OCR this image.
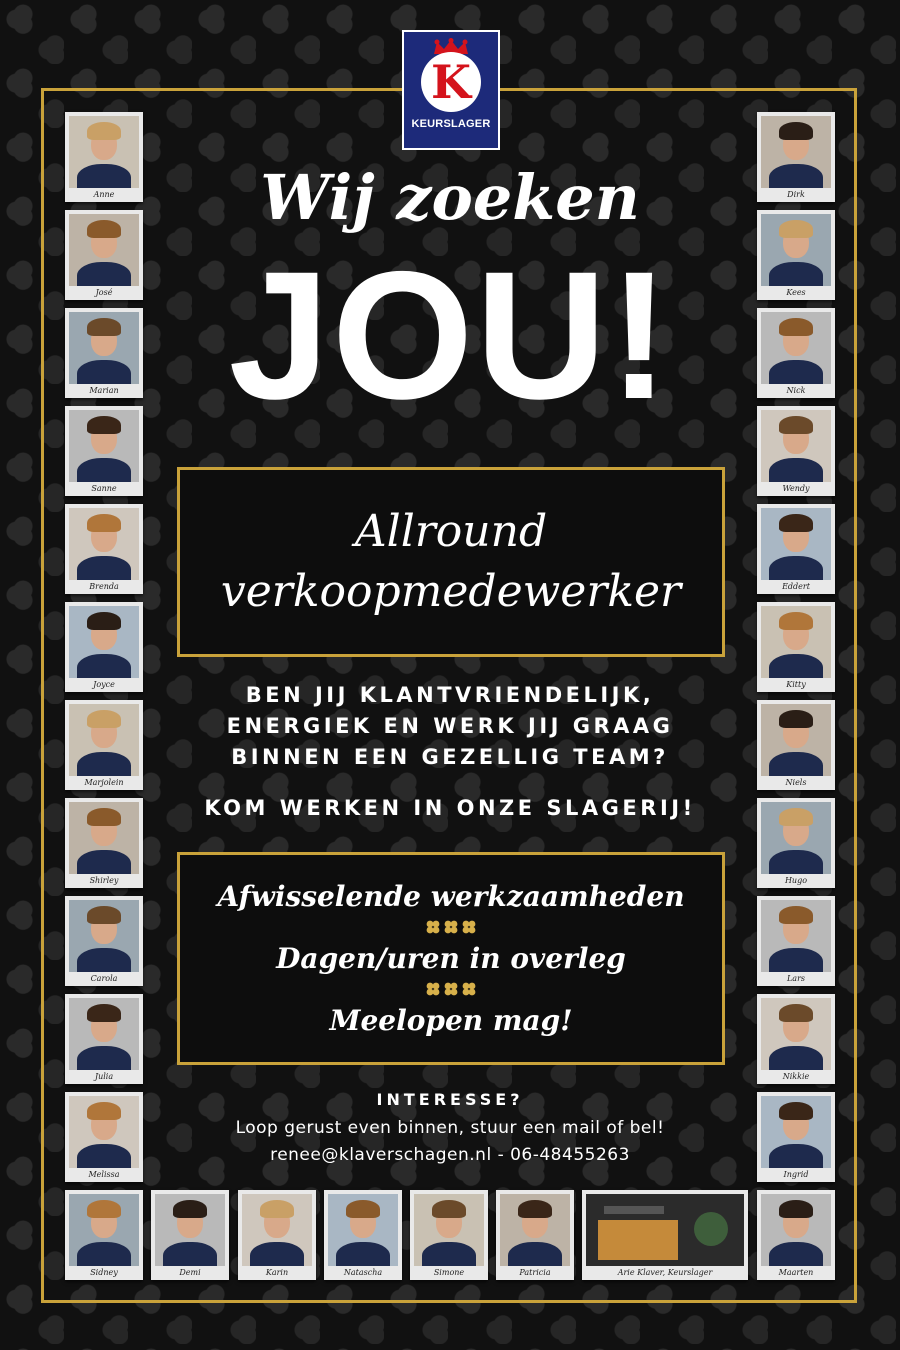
K
KEURSLAGER
Wij zoeken
JOU!
Allround
verkoopmedewerker

BEN JIJ KLANTVRIENDELIJK,

ENERGIEK EN WERK JIJ GRAAG

BINNEN EEN GEZELLIG TEAM?

KOM WERKEN IN ONZE SLAGERIJ!
Afwisselende werkzaamheden
Dagen/uren in overleg
Meelopen mag!

INTERESSE?

Loop gerust even binnen, stuur een mail of bel!
renee@klaverschagen.nl - 06-48455263
Anne
José
Marian
Sanne
Brenda
Joyce
Marjolein
Shirley
Carola
Julia
Melissa
Dirk
Kees
Nick
Wendy
Eddert
Kitty
Niels
Hugo
Lars
Nikkie
Ingrid
Sidney	Demi	Karin	Natascha	Simone	Patricia	Arie Klaver, Keurslager	Maarten
